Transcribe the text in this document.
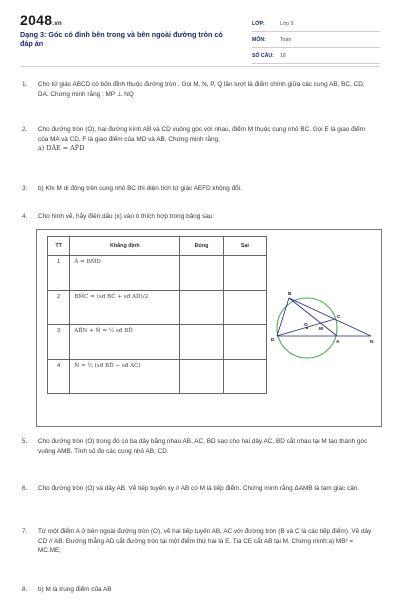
2048.vn
Dạng 3: Góc có đỉnh bên trong và bên ngoài đường tròn có đáp án
LỚP:	Lớp 9
MÔN:	Toán
SỐ CÂU:	18
1.	Cho tứ giác ABCD có bốn đỉnh thuộc đường tròn . Gọi M, N, P, Q lần lượt là điểm chính giữa các cung AB, BC, CD, DA. Chứng minh rằng : MP ⊥ NQ
2.	Cho đường tròn (O), hai đường kính AB và CD vuông góc với nhau, điểm M thuộc cung nhỏ BC. Gọi E là giao điểm của MA và CD, F là giao điểm của MD và AB. Chứng minh rằng:
a) DÂE = AF̂D
3.	b) Khi M di động trên cung nhỏ BC thì diện tích tứ giác AEFD không đổi.
4.	Cho hình vẽ, hãy điền dấu (x) vào ô thích hợp trong bảng sau:
TT	Khẳng định	Đúng	Sai
1	Â = BM̂D		
2	BM̂C = (sđ BĈ + sđ AD̂)/2		
3	AB̂N + N̂ = ½ sđ BD̂		
4	N̂ = ½ (sđ BD̂ − sđ AĈ)		
B
C
D	A	N
M
O
5.	Cho đường tròn (O) trong đó có ba dây bằng nhau AB, AC, BD sao cho hai dây AC, BD cắt nhau tại M tạo thành góc vuông AMB. Tính số đo các cung nhỏ AB, CD.
6.	Cho đường tròn (O) và dây AB. Vẽ tiếp tuyến xy // AB có M là tiếp điểm. Chứng minh rằng ΔAMB là tam giác cân.
7.	Từ một điểm A ở bên ngoài đường tròn (O), vẽ hai tiếp tuyến AB, AC với đường tròn (B và C là các tiếp điểm). Vẽ dây CD // AB. Đường thẳng AD cắt đường tròn tại một điểm thứ hai là E. Tia CE cắt AB tại M. Chứng minh:a) MB² = MC.ME;
8.	b) M là trung điểm của AB
